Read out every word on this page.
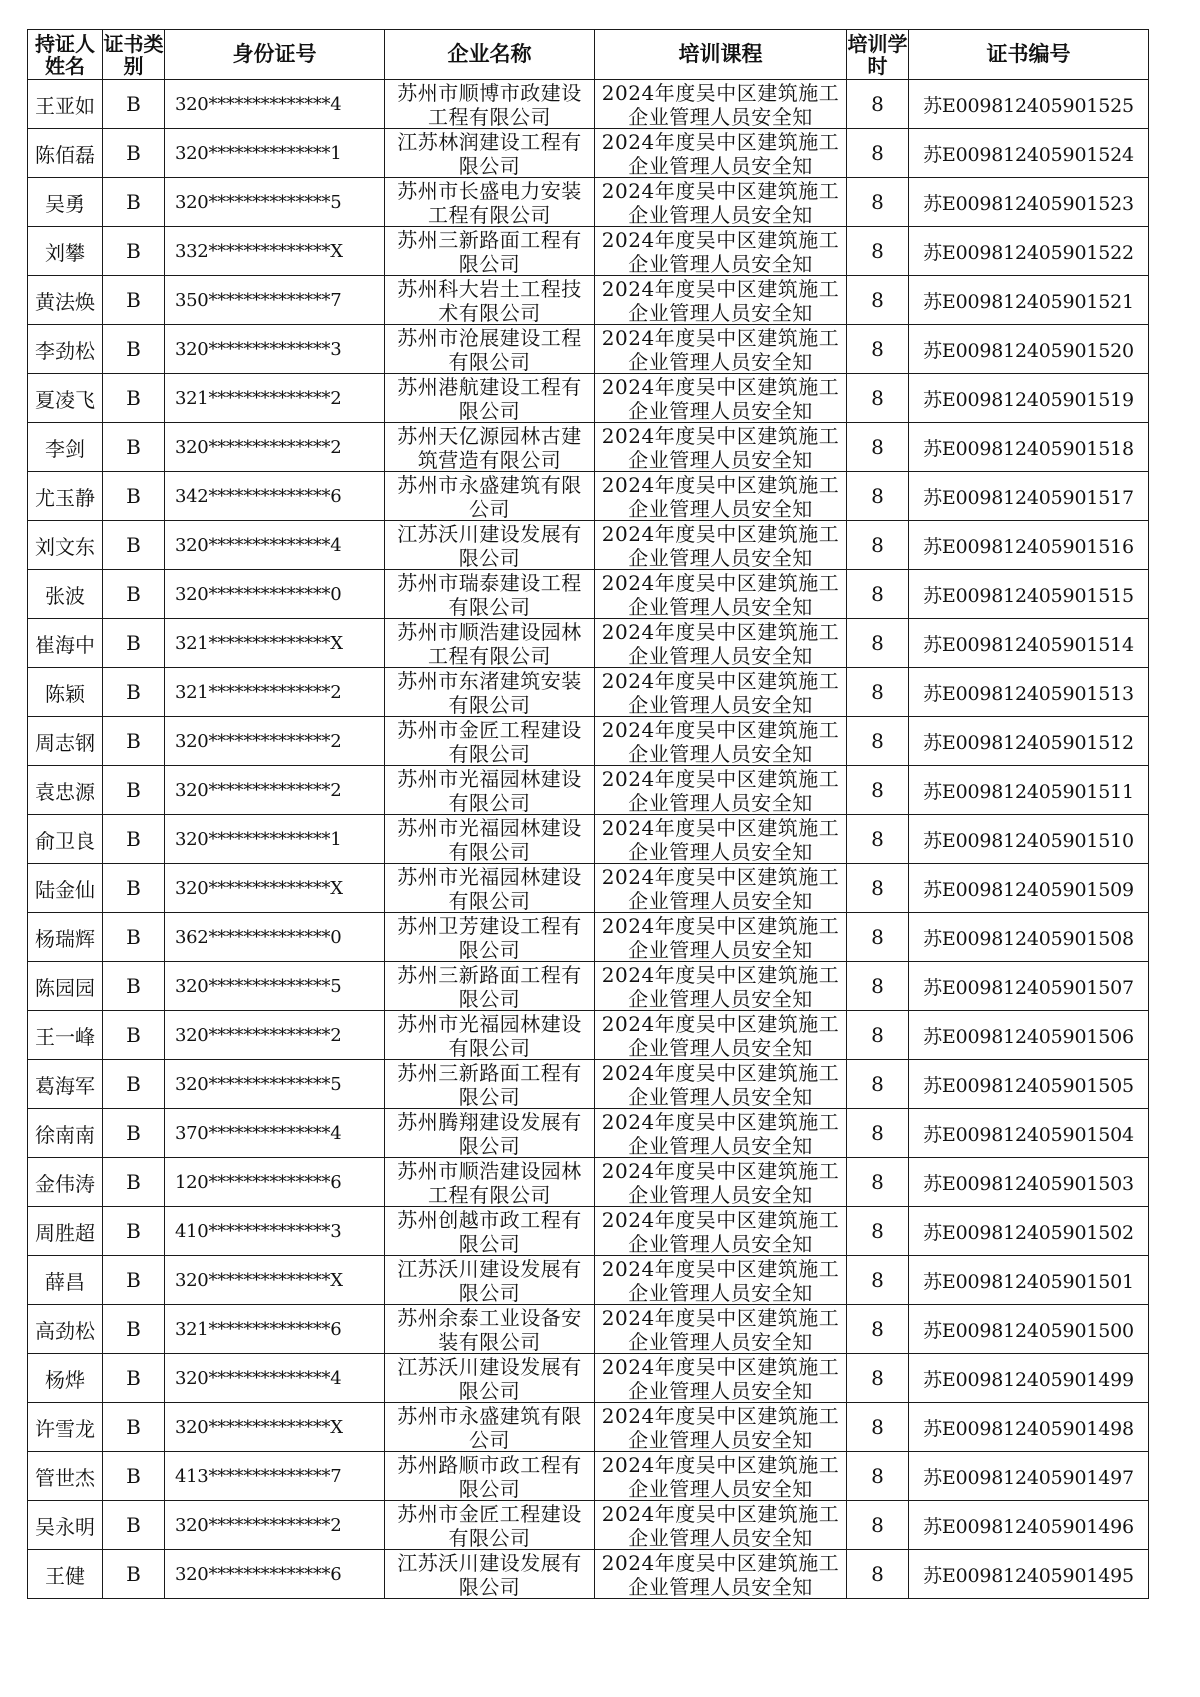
持证人姓名	证书类别	身份证号	企业名称	培训课程	培训学时	证书编号
王亚如	B	320**************4	苏州市顺博市政建设工程有限公司	2024年度吴中区建筑施工企业管理人员安全知	8	苏E009812405901525
陈佰磊	B	320**************1	江苏林润建设工程有限公司	2024年度吴中区建筑施工企业管理人员安全知	8	苏E009812405901524
吴勇	B	320**************5	苏州市长盛电力安装工程有限公司	2024年度吴中区建筑施工企业管理人员安全知	8	苏E009812405901523
刘攀	B	332**************X	苏州三新路面工程有限公司	2024年度吴中区建筑施工企业管理人员安全知	8	苏E009812405901522
黄法焕	B	350**************7	苏州科大岩土工程技术有限公司	2024年度吴中区建筑施工企业管理人员安全知	8	苏E009812405901521
李劲松	B	320**************3	苏州市沧展建设工程有限公司	2024年度吴中区建筑施工企业管理人员安全知	8	苏E009812405901520
夏凌飞	B	321**************2	苏州港航建设工程有限公司	2024年度吴中区建筑施工企业管理人员安全知	8	苏E009812405901519
李剑	B	320**************2	苏州天亿源园林古建筑营造有限公司	2024年度吴中区建筑施工企业管理人员安全知	8	苏E009812405901518
尤玉静	B	342**************6	苏州市永盛建筑有限公司	2024年度吴中区建筑施工企业管理人员安全知	8	苏E009812405901517
刘文东	B	320**************4	江苏沃川建设发展有限公司	2024年度吴中区建筑施工企业管理人员安全知	8	苏E009812405901516
张波	B	320**************0	苏州市瑞泰建设工程有限公司	2024年度吴中区建筑施工企业管理人员安全知	8	苏E009812405901515
崔海中	B	321**************X	苏州市顺浩建设园林工程有限公司	2024年度吴中区建筑施工企业管理人员安全知	8	苏E009812405901514
陈颖	B	321**************2	苏州市东渚建筑安装有限公司	2024年度吴中区建筑施工企业管理人员安全知	8	苏E009812405901513
周志钢	B	320**************2	苏州市金匠工程建设有限公司	2024年度吴中区建筑施工企业管理人员安全知	8	苏E009812405901512
袁忠源	B	320**************2	苏州市光福园林建设有限公司	2024年度吴中区建筑施工企业管理人员安全知	8	苏E009812405901511
俞卫良	B	320**************1	苏州市光福园林建设有限公司	2024年度吴中区建筑施工企业管理人员安全知	8	苏E009812405901510
陆金仙	B	320**************X	苏州市光福园林建设有限公司	2024年度吴中区建筑施工企业管理人员安全知	8	苏E009812405901509
杨瑞辉	B	362**************0	苏州卫芳建设工程有限公司	2024年度吴中区建筑施工企业管理人员安全知	8	苏E009812405901508
陈园园	B	320**************5	苏州三新路面工程有限公司	2024年度吴中区建筑施工企业管理人员安全知	8	苏E009812405901507
王一峰	B	320**************2	苏州市光福园林建设有限公司	2024年度吴中区建筑施工企业管理人员安全知	8	苏E009812405901506
葛海军	B	320**************5	苏州三新路面工程有限公司	2024年度吴中区建筑施工企业管理人员安全知	8	苏E009812405901505
徐南南	B	370**************4	苏州腾翔建设发展有限公司	2024年度吴中区建筑施工企业管理人员安全知	8	苏E009812405901504
金伟涛	B	120**************6	苏州市顺浩建设园林工程有限公司	2024年度吴中区建筑施工企业管理人员安全知	8	苏E009812405901503
周胜超	B	410**************3	苏州创越市政工程有限公司	2024年度吴中区建筑施工企业管理人员安全知	8	苏E009812405901502
薛昌	B	320**************X	江苏沃川建设发展有限公司	2024年度吴中区建筑施工企业管理人员安全知	8	苏E009812405901501
高劲松	B	321**************6	苏州余泰工业设备安装有限公司	2024年度吴中区建筑施工企业管理人员安全知	8	苏E009812405901500
杨烨	B	320**************4	江苏沃川建设发展有限公司	2024年度吴中区建筑施工企业管理人员安全知	8	苏E009812405901499
许雪龙	B	320**************X	苏州市永盛建筑有限公司	2024年度吴中区建筑施工企业管理人员安全知	8	苏E009812405901498
管世杰	B	413**************7	苏州路顺市政工程有限公司	2024年度吴中区建筑施工企业管理人员安全知	8	苏E009812405901497
吴永明	B	320**************2	苏州市金匠工程建设有限公司	2024年度吴中区建筑施工企业管理人员安全知	8	苏E009812405901496
王健	B	320**************6	江苏沃川建设发展有限公司	2024年度吴中区建筑施工企业管理人员安全知	8	苏E009812405901495
